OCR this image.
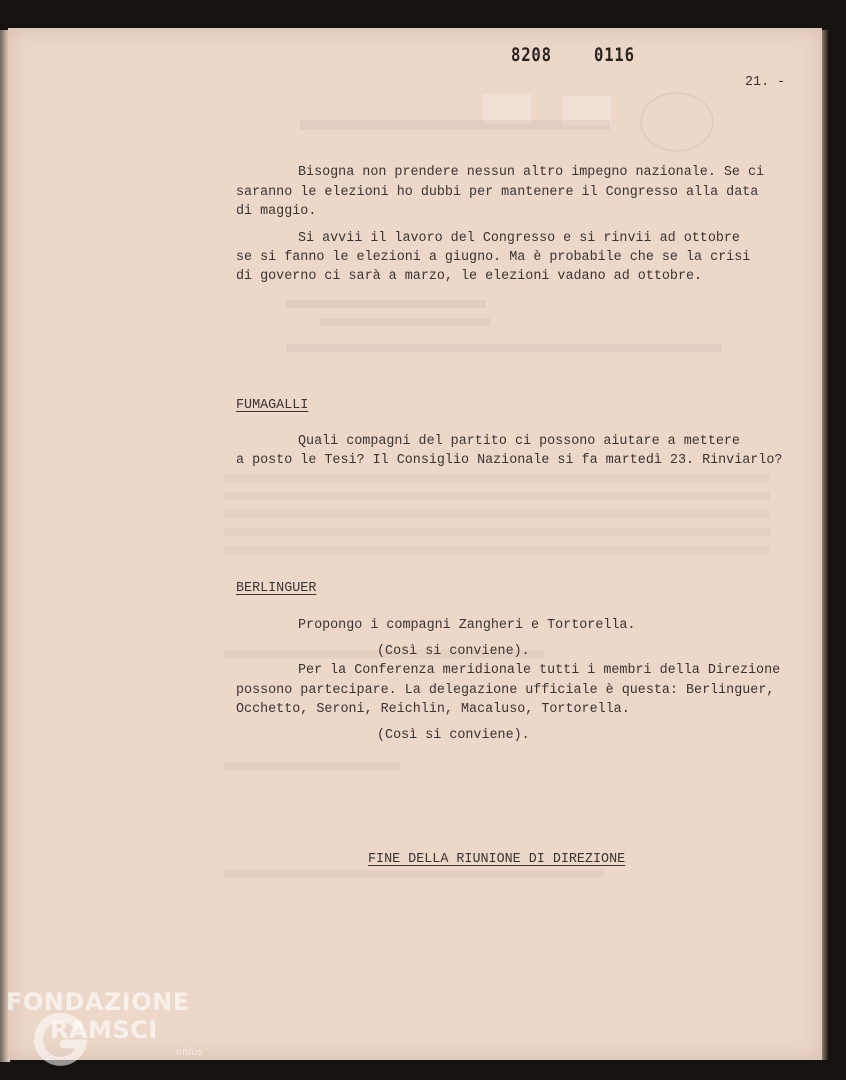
8208 0116
21. -
Bisogna non prendere nessun altro impegno nazionale. Se ci
saranno le elezioni ho dubbi per mantenere il Congresso alla data
di maggio.
Si avvii il lavoro del Congresso e si rinvii ad ottobre
se si fanno le elezioni a giugno. Ma è probabile che se la crisi
di governo ci sarà a marzo, le elezioni vadano ad ottobre.
FUMAGALLI
Quali compagni del partito ci possono aiutare a mettere
a posto le Tesi? Il Consiglio Nazionale si fa martedì 23. Rinviarlo?
BERLINGUER
Propongo i compagni Zangheri e Tortorella.
(Così si conviene).
Per la Conferenza meridionale tutti i membri della Direzione
possono partecipare. La delegazione ufficiale è questa: Berlinguer,
Occhetto, Seroni, Reichlin, Macaluso, Tortorella.
(Così si conviene).
FINE DELLA RIUNIONE DI DIREZIONE
FONDAZIONE
RAMSCI
onlus
